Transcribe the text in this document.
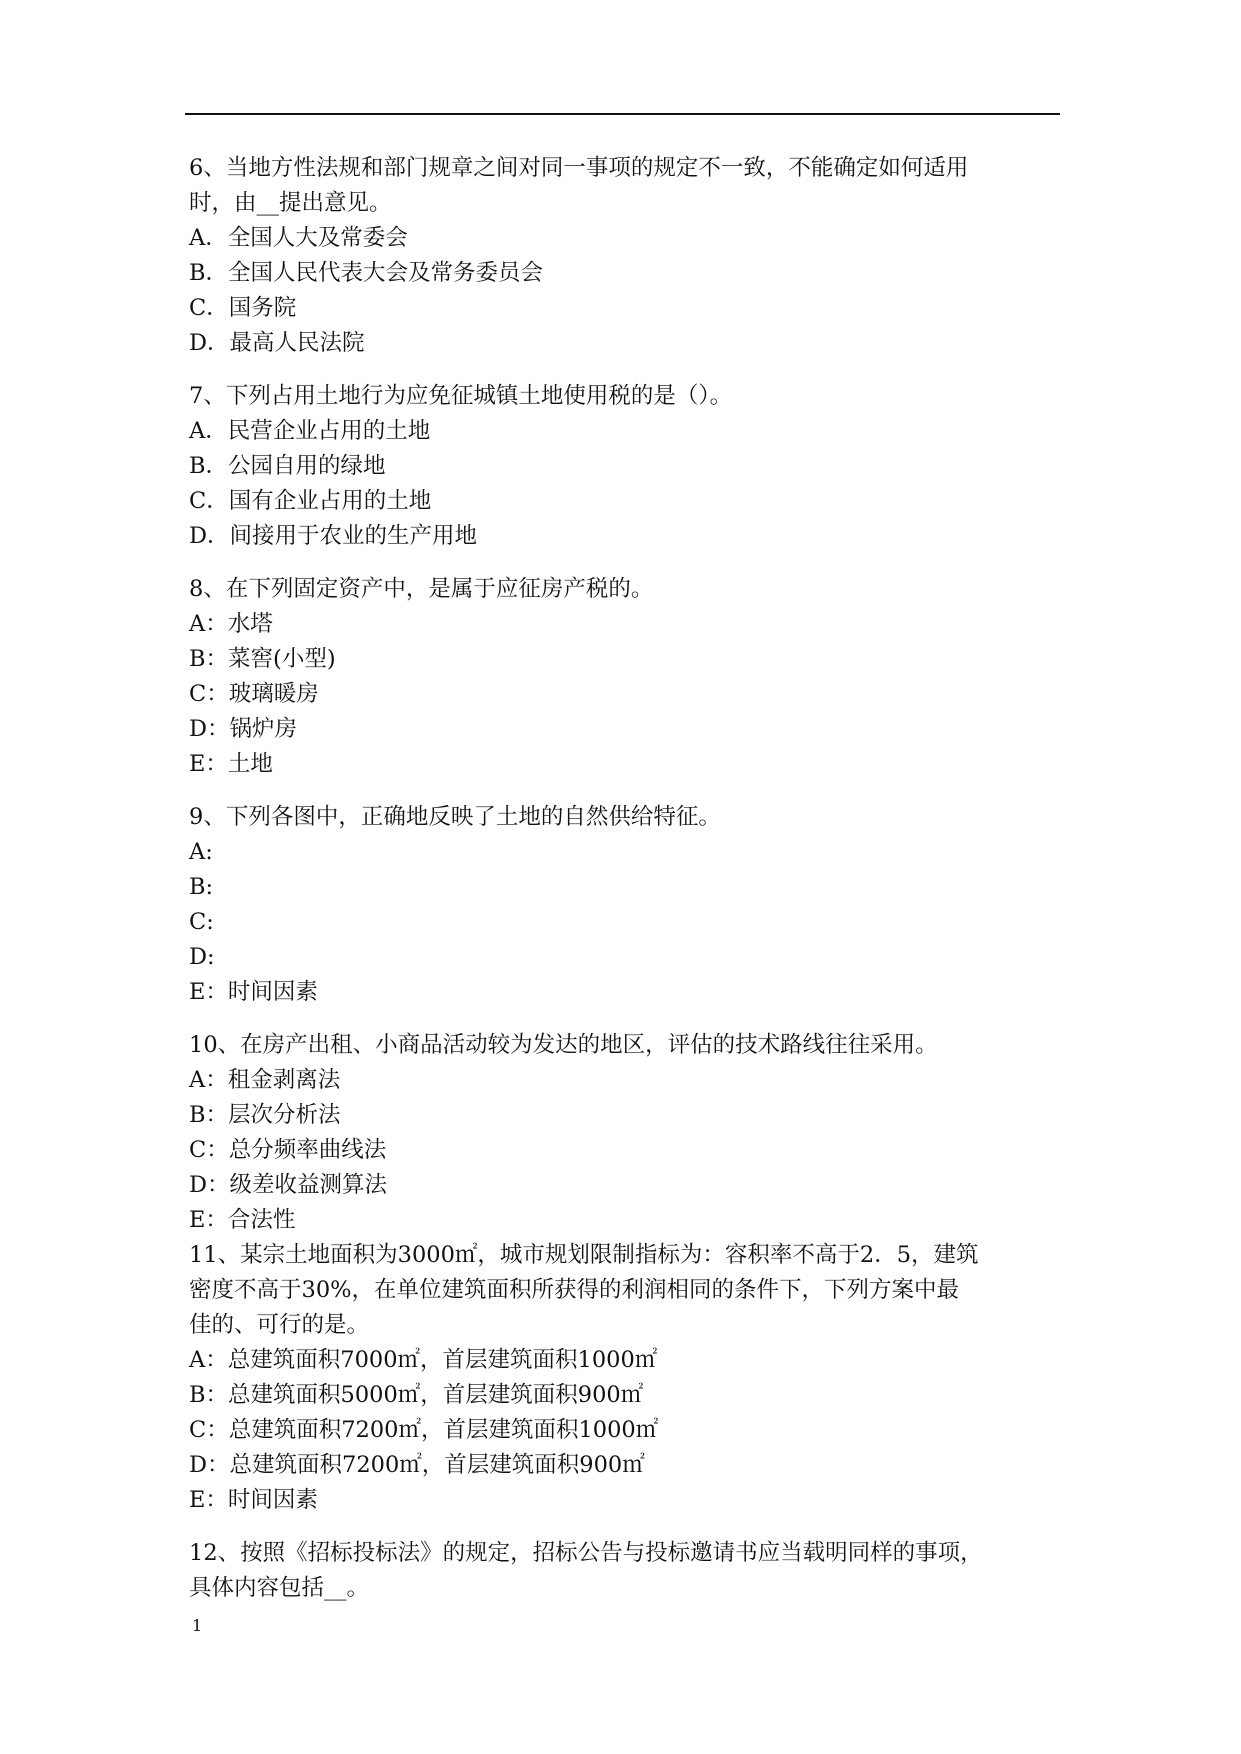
6、当地方性法规和部门规章之间对同一事项的规定不一致，不能确定如何适用
时，由__提出意见。
A．全国人大及常委会
B．全国人民代表大会及常务委员会
C．国务院
D．最高人民法院
7、下列占用土地行为应免征城镇土地使用税的是（）。
A．民营企业占用的土地
B．公园自用的绿地
C．国有企业占用的土地
D．间接用于农业的生产用地
8、在下列固定资产中，是属于应征房产税的。
A：水塔
B：菜窖(小型)
C：玻璃暖房
D：锅炉房
E：土地
9、下列各图中，正确地反映了土地的自然供给特征。
A:
B:
C:
D:
E：时间因素
10、在房产出租、小商品活动较为发达的地区，评估的技术路线往往采用。
A：租金剥离法
B：层次分析法
C：总分频率曲线法
D：级差收益测算法
E：合法性
11、某宗土地面积为3000㎡，城市规划限制指标为：容积率不高于2．5，建筑
密度不高于30%，在单位建筑面积所获得的利润相同的条件下，下列方案中最
佳的、可行的是。
A：总建筑面积7000㎡，首层建筑面积1000㎡
B：总建筑面积5000㎡，首层建筑面积900㎡
C：总建筑面积7200㎡，首层建筑面积1000㎡
D：总建筑面积7200㎡，首层建筑面积900㎡
E：时间因素
12、按照《招标投标法》的规定，招标公告与投标邀请书应当载明同样的事项，
具体内容包括__。
1
